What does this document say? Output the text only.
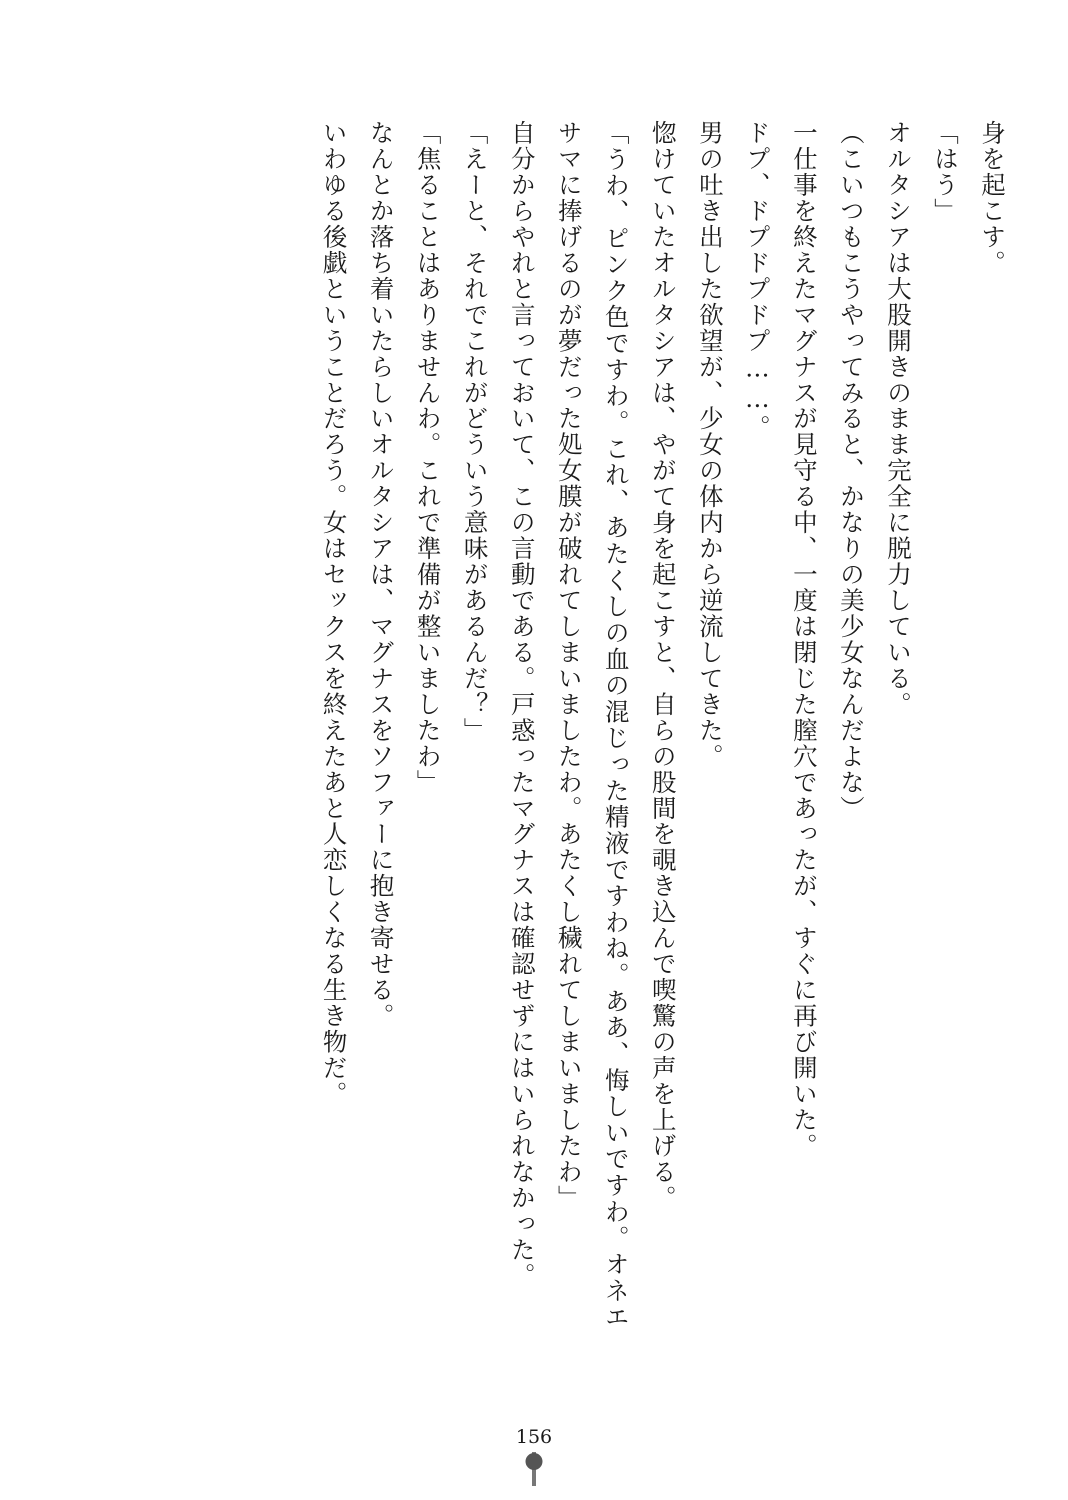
身を起こす。

「はう」

オルタシアは大股開きのまま完全に脱力している。

（こいつもこうやってみると、かなりの美少女なんだよな）

一仕事を終えたマグナスが見守る中、一度は閉じた膣穴であったが、すぐに再び開いた。

ドプ、ドプドプドプ……。

男の吐き出した欲望が、少女の体内から逆流してきた。

惚けていたオルタシアは、やがて身を起こすと、自らの股間を覗き込んで喫驚の声を上げる。

「うわ、ピンク色ですわ。これ、あたくしの血の混じった精液ですわね。ああ、悔しいですわ。オネエサマに捧げるのが夢だった処女膜が破れてしまいましたわ。あたくし穢れてしまいましたわ」

自分からやれと言っておいて、この言動である。戸惑ったマグナスは確認せずにはいられなかった。

「えーと、それでこれがどういう意味があるんだ？」

「焦ることはありませんわ。これで準備が整いましたわ」

なんとか落ち着いたらしいオルタシアは、マグナスをソファーに抱き寄せる。

いわゆる後戯ということだろう。女はセックスを終えたあと人恋しくなる生き物だ。

156
